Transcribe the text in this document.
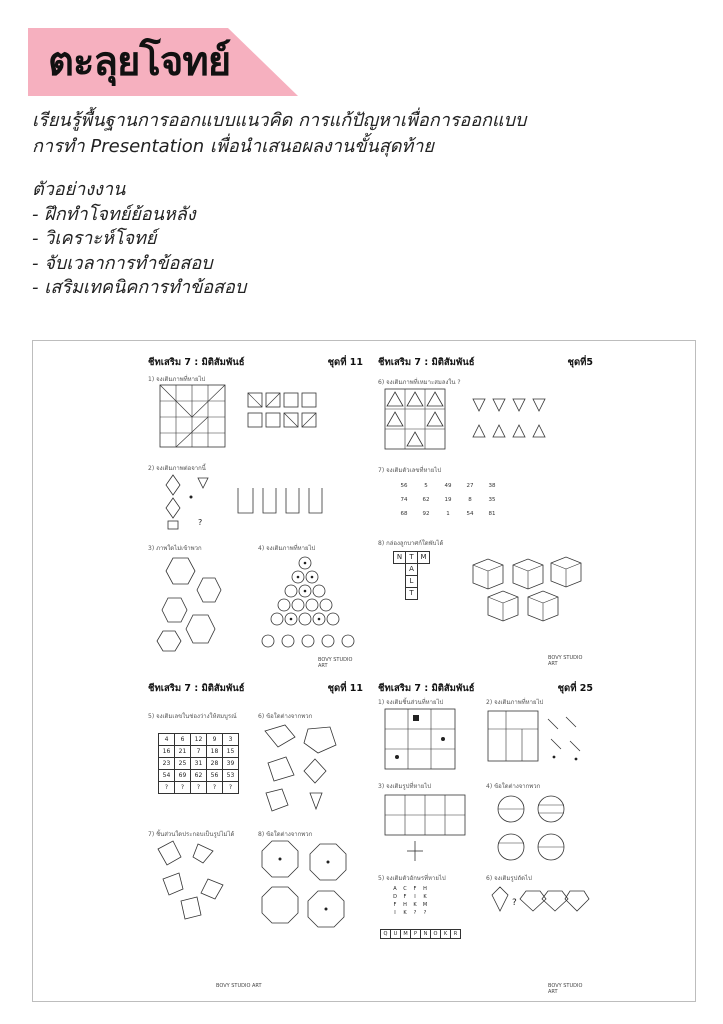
ตะลุยโจทย์

เรียนรู้พื้นฐานการออกแบบแนวคิด การแก้ปัญหาเพื่อการออกแบบ

การทำ Presentation เพื่อนำเสนอผลงานขั้นสุดท้าย

ตัวอย่างงาน

- ฝึกทำโจทย์ย้อนหลัง

- วิเคราะห์โจทย์

- จับเวลาการทำข้อสอบ

- เสริมเทคนิคการทำข้อสอบ

ชีทเสริม 7 : มิติสัมพันธ์	ชุดที่ 11
1) จงเติมภาพที่หายไป
2) จงเติมภาพต่อจากนี้
?
3) ภาพใดไม่เข้าพวก	4) จงเติมภาพที่หายไป
BOVY STUDIO ART
ชีทเสริม 7 : มิติสัมพันธ์	ชุดที่5
6) จงเติมภาพที่เหมาะสมลงใน ?
7) จงเติมตัวเลขที่หายไป
56	5	49	27	38
74	62	19	8	35
68	92	1	54	81
8) กล่องลูกบาศก์ใดพับได้
N	T M
A
L
T
BOVY STUDIO ART
ชีทเสริม 7 : มิติสัมพันธ์	ชุดที่ 11
5) จงเติมเลขในช่องว่างให้สมบูรณ์
4	6	12	9	3
16	21	7	18	15
23	25	31	28	39
54	69	62	56	53
?	?	?	?	?
6) ข้อใดต่างจากพวก
7) ชิ้นส่วนใดประกอบเป็นรูปไม่ได้	8) ข้อใดต่างจากพวก
BOVY STUDIO ART
ชีทเสริม 7 : มิติสัมพันธ์	ชุดที่ 25
1) จงเติมชิ้นส่วนที่หายไป	2) จงเติมภาพที่หายไป
3) จงเติมรูปที่หายไป	4) ข้อใดต่างจากพวก
5) จงเติมตัวอักษรที่หายไป
A	C	F	H
D	F	I	K
F	H	K	M
I	K	?	?
Q	U	M	P	N	O	K	R
6) จงเติมรูปถัดไป
?
BOVY STUDIO ART
